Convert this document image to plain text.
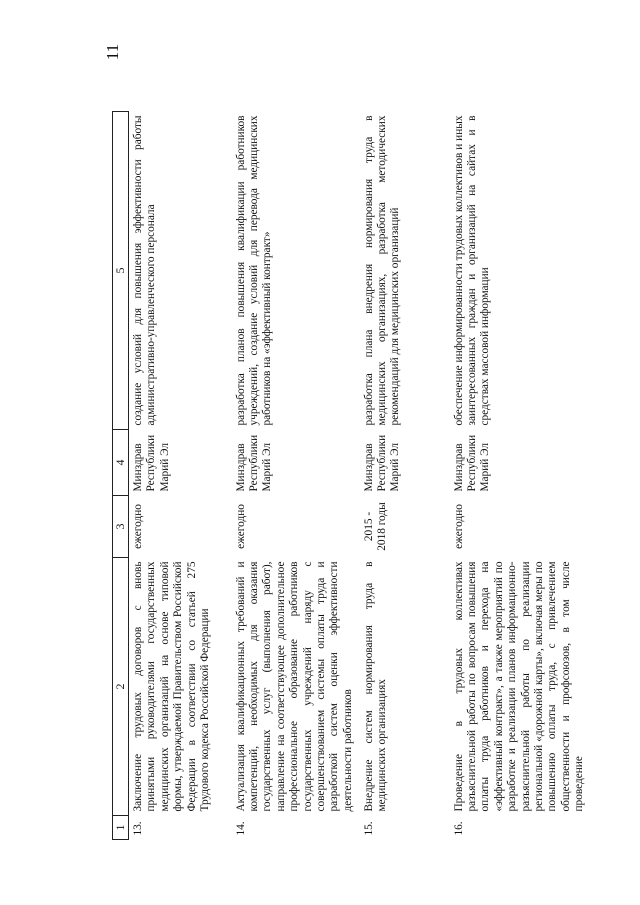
11
1	2	3	4	5
13.	Заключение трудовых договоров с вновь принятыми руководителями государственных медицинских организаций на основе типовой формы, утверждаемой Правительством Российской Федерации в соответствии со статьей 275 Трудового кодекса Российской Федерации	ежегодно	Минздрав Республики Марий Эл	создание условий для повышения эффективности работы административно-управленческого персонала
14.	Актуализация квалификационных требований и компетенций, необходимых для оказания государственных услуг (выполнения работ), направление на соответствующее дополнительное профессиональное образование работников государственных учреждений наряду с совершенствованием системы оплаты труда и разработкой систем оценки эффективности деятельности работников	ежегодно	Минздрав Республики Марий Эл	разработка планов повышения квалификации работников учреждений, создание условий для перевода медицинских работников на «эффективный контракт»
15.	Внедрение систем нормирования труда в медицинских организациях	2015 - 2018 годы	Минздрав Республики Марий Эл	разработка плана внедрения нормирования труда в медицинских организациях, разработка методических рекомендаций для медицинских организаций
16.	Проведение в трудовых коллективах разъяснительной работы по вопросам повышения оплаты труда работников и перехода на «эффективный контракт», а также мероприятий по разработке и реализации планов информационно-разъяснительной работы по реализации региональной «дорожной карты», включая меры по повышению оплаты труда, с привлечением общественности и профсоюзов, в том числе проведение	ежегодно	Минздрав Республики Марий Эл	обеспечение информированности трудовых коллективов и иных заинтересованных граждан и организаций на сайтах и в средствах массовой информации
